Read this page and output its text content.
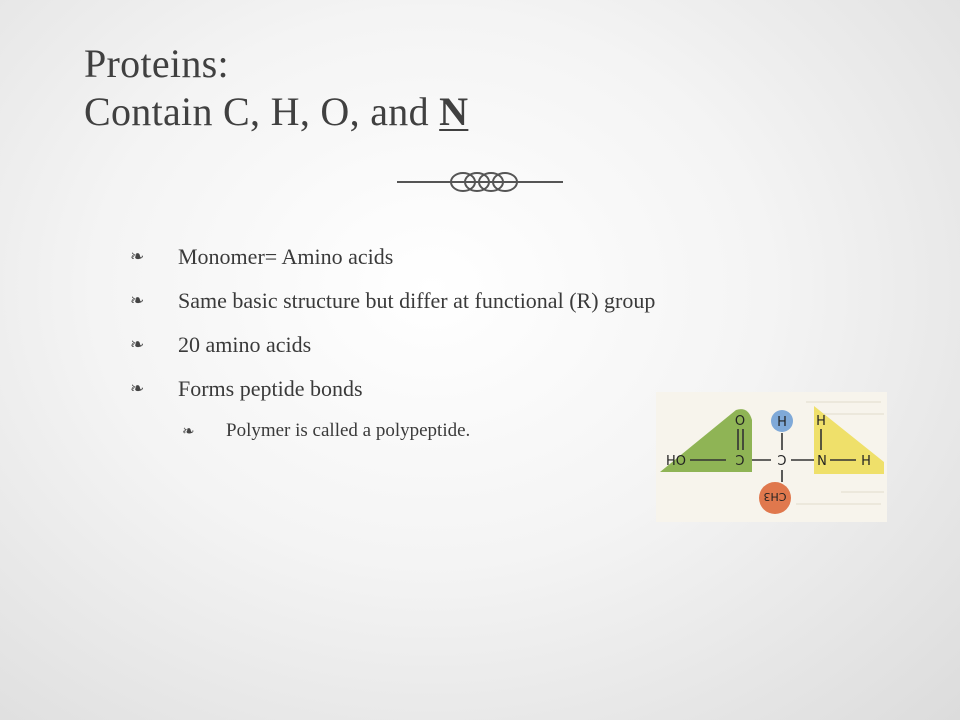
Proteins:
Contain C, H, O, and N
❧	Monomer= Amino acids
❧	Same basic structure but differ at functional (R) group
❧	20 amino acids
❧	Forms peptide bonds
❧	Polymer is called a polypeptide.	O H H
HO	C	C N	H
CH3
